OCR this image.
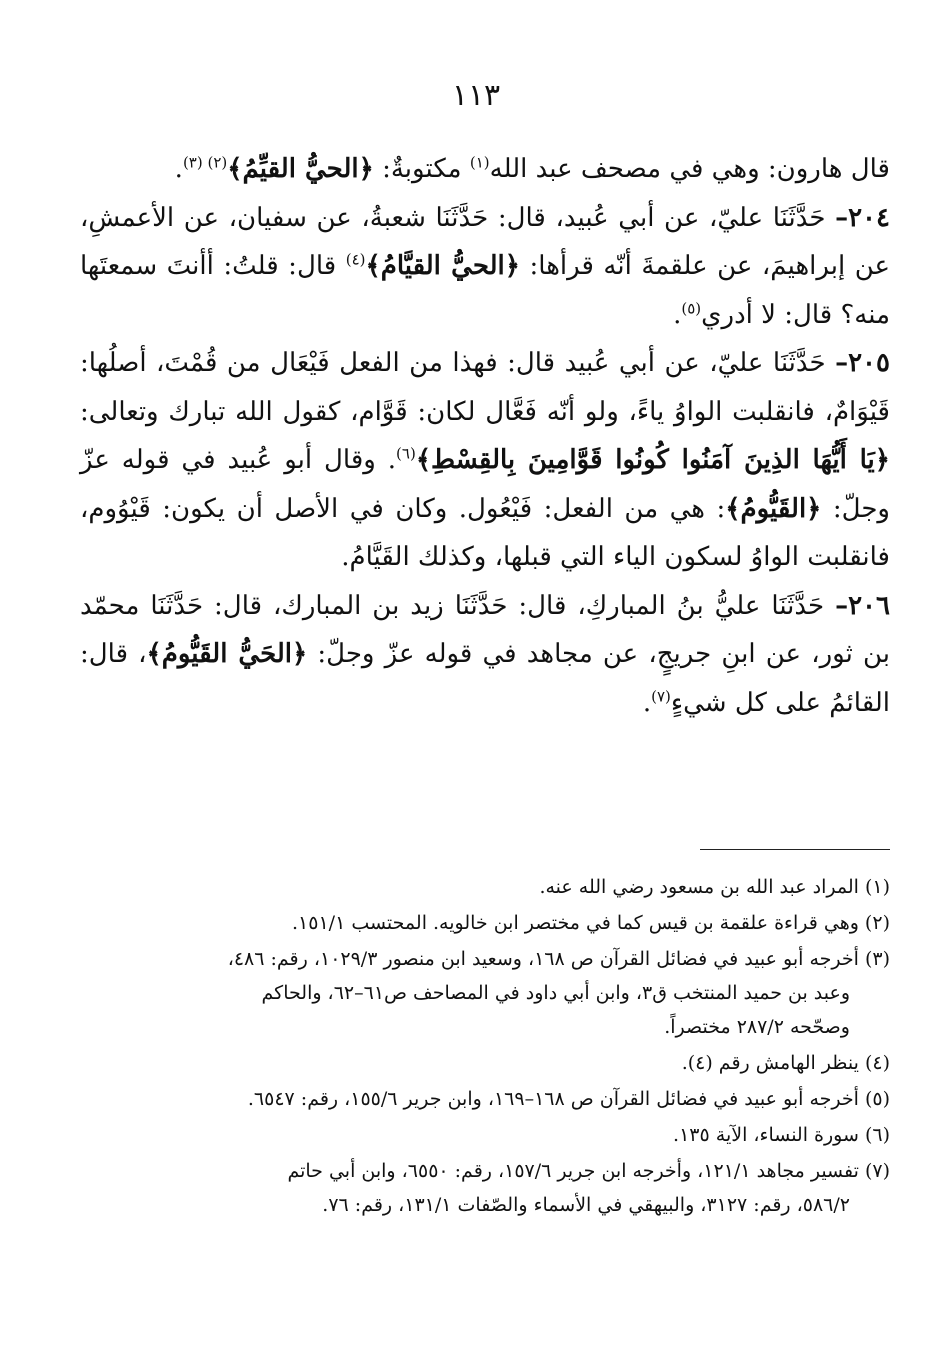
١١٣

قال هارون: وهي في مصحف عبد الله$^{(١)}$ مكتوبةٌ: ﴿الحيُّ القيِّمُ﴾$^{(٢) (٣)}$.

٢٠٤– حَدَّثَنَا عليّ، عن أبي عُبيد، قال: حَدَّثَنَا شعبةُ، عن سفيان، عن الأعمشِ، عن إبراهيمَ، عن علقمةَ أنّه قرأها: ﴿الحيُّ القيَّامُ﴾$^{(٤)}$ قال: قلتُ: أأنتَ سمعتَها منه؟ قال: لا أدري$^{(٥)}$.

٢٠٥– حَدَّثَنَا عليّ، عن أبي عُبيد قال: فهذا من الفعل فَيْعَال من قُمْتَ، أصلُها: قَيْوَامٌ، فانقلبت الواوُ ياءً، ولو أنّه فَعَّال لكان: قَوَّام، كقول الله تبارك وتعالى: ﴿يَا أَيُّهَا الذِينَ آمَنُوا كُونُوا قَوَّامِينَ بِالقِسْطِ﴾$^{(٦)}$. وقال أبو عُبيد في قوله عزّ وجلّ: ﴿القَيُّومُ﴾: هي من الفعل: فَيْعُول. وكان في الأصل أن يكون: قَيْوُوم، فانقلبت الواوُ لسكون الياء التي قبلها، وكذلك القَيَّامُ.

٢٠٦– حَدَّثَنَا عليُّ بنُ المباركِ، قال: حَدَّثَنَا زيد بن المبارك، قال: حَدَّثَنَا محمّد بن ثور، عن ابنِ جريجٍ، عن مجاهد في قوله عزّ وجلّ: ﴿الحَيُّ القَيُّومُ﴾، قال: القائمُ على كل شيءٍ$^{(٧)}$.

(١) المراد عبد الله بن مسعود رضي الله عنه.
(٢) وهي قراءة علقمة بن قيس كما في مختصر ابن خالويه. المحتسب ١٥١/١.
(٣) أخرجه أبو عبيد في فضائل القرآن ص ١٦٨، وسعيد ابن منصور ١٠٢٩/٣، رقم: ٤٨٦،
وعبد بن حميد المنتخب ق٣، وابن أبي داود في المصاحف ص٦١–٦٢، والحاكم
وصحّحه ٢٨٧/٢ مختصراً.
(٤) ينظر الهامش رقم (٤).
(٥) أخرجه أبو عبيد في فضائل القرآن ص ١٦٨–١٦٩، وابن جرير ١٥٥/٦، رقم: ٦٥٤٧.
(٦) سورة النساء، الآية ١٣٥.
(٧) تفسير مجاهد ١٢١/١، وأخرجه ابن جرير ١٥٧/٦، رقم: ٦٥٥٠، وابن أبي حاتم
٥٨٦/٢، رقم: ٣١٢٧، والبيهقي في الأسماء والصّفات ١٣١/١، رقم: ٧٦.
